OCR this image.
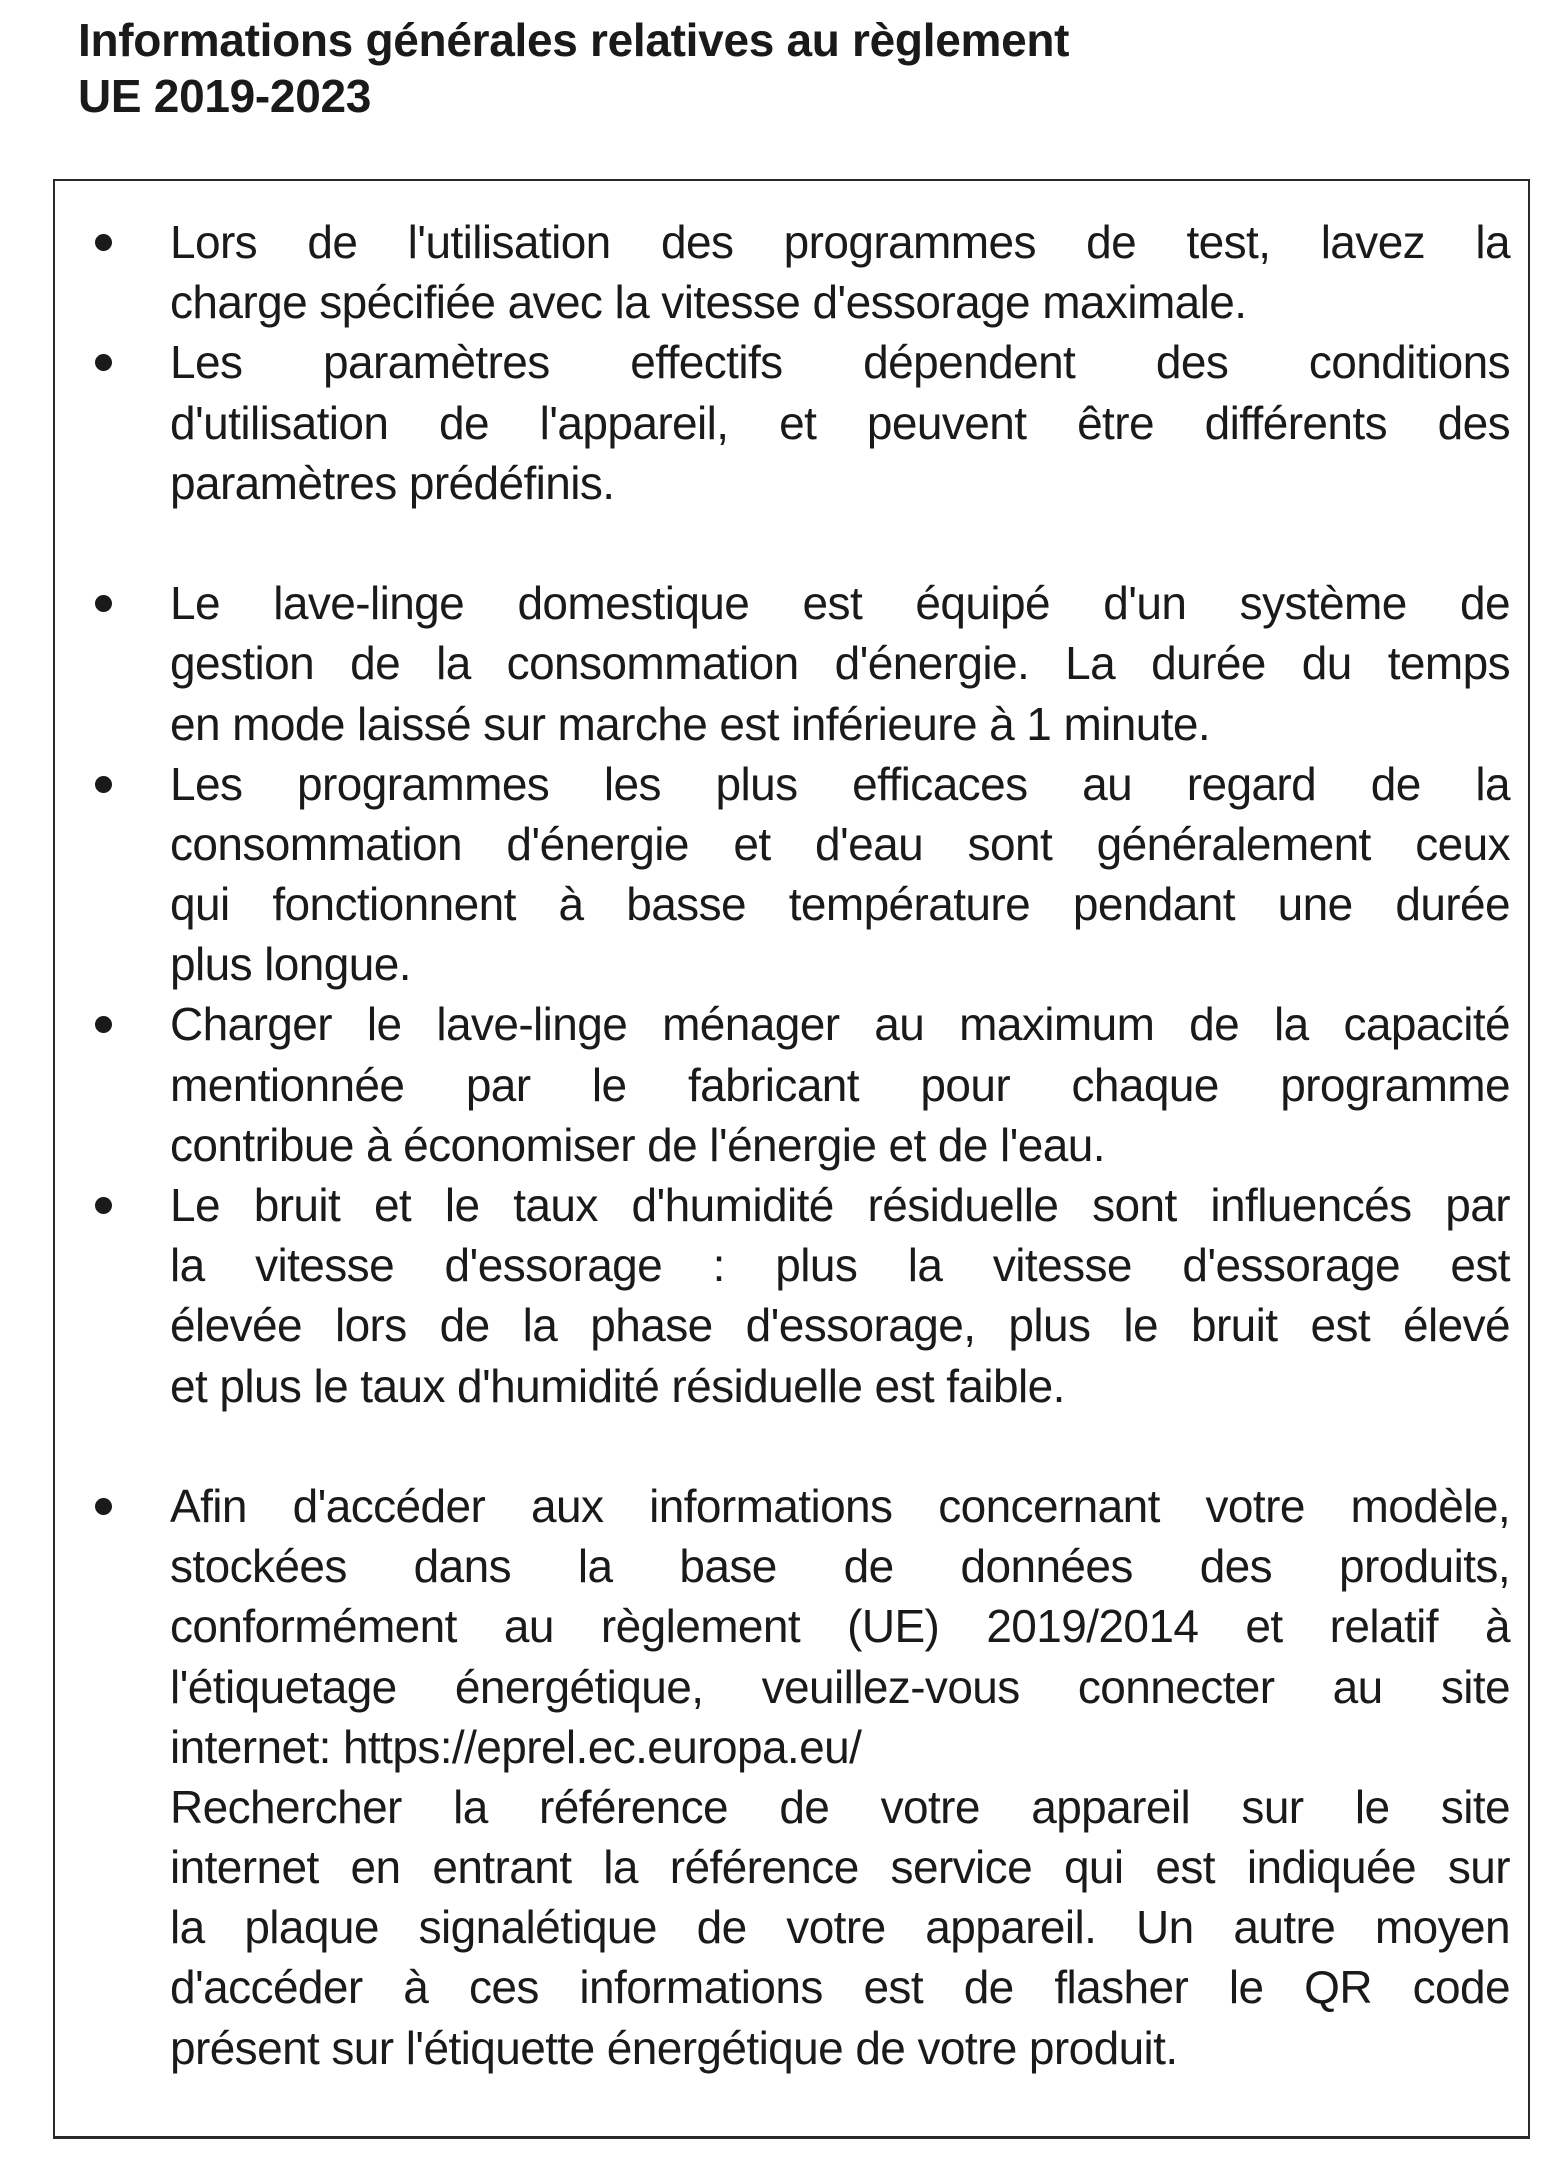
Informations générales relatives au règlement
UE 2019-2023
Lors de l'utilisation des programmes de test, lavez la
charge spécifiée avec la vitesse d'essorage maximale.
Les paramètres effectifs dépendent des conditions
d'utilisation de l'appareil, et peuvent être différents des
paramètres prédéfinis.
Le lave-linge domestique est équipé d'un système de
gestion de la consommation d'énergie. La durée du temps
en mode laissé sur marche est inférieure à 1 minute.
Les programmes les plus efficaces au regard de la
consommation d'énergie et d'eau sont généralement ceux
qui fonctionnent à basse température pendant une durée
plus longue.
Charger le lave-linge ménager au maximum de la capacité
mentionnée par le fabricant pour chaque programme
contribue à économiser de l'énergie et de l'eau.
Le bruit et le taux d'humidité résiduelle sont influencés par
la vitesse d'essorage : plus la vitesse d'essorage est
élevée lors de la phase d'essorage, plus le bruit est élevé
et plus le taux d'humidité résiduelle est faible.
Afin d'accéder aux informations concernant votre modèle,
stockées dans la base de données des produits,
conformément au règlement (UE) 2019/2014 et relatif à
l'étiquetage énergétique, veuillez-vous connecter au site
internet: https://eprel.ec.europa.eu/
Rechercher la référence de votre appareil sur le site
internet en entrant la référence service qui est indiquée sur
la plaque signalétique de votre appareil. Un autre moyen
d'accéder à ces informations est de flasher le QR code
présent sur l'étiquette énergétique de votre produit.
